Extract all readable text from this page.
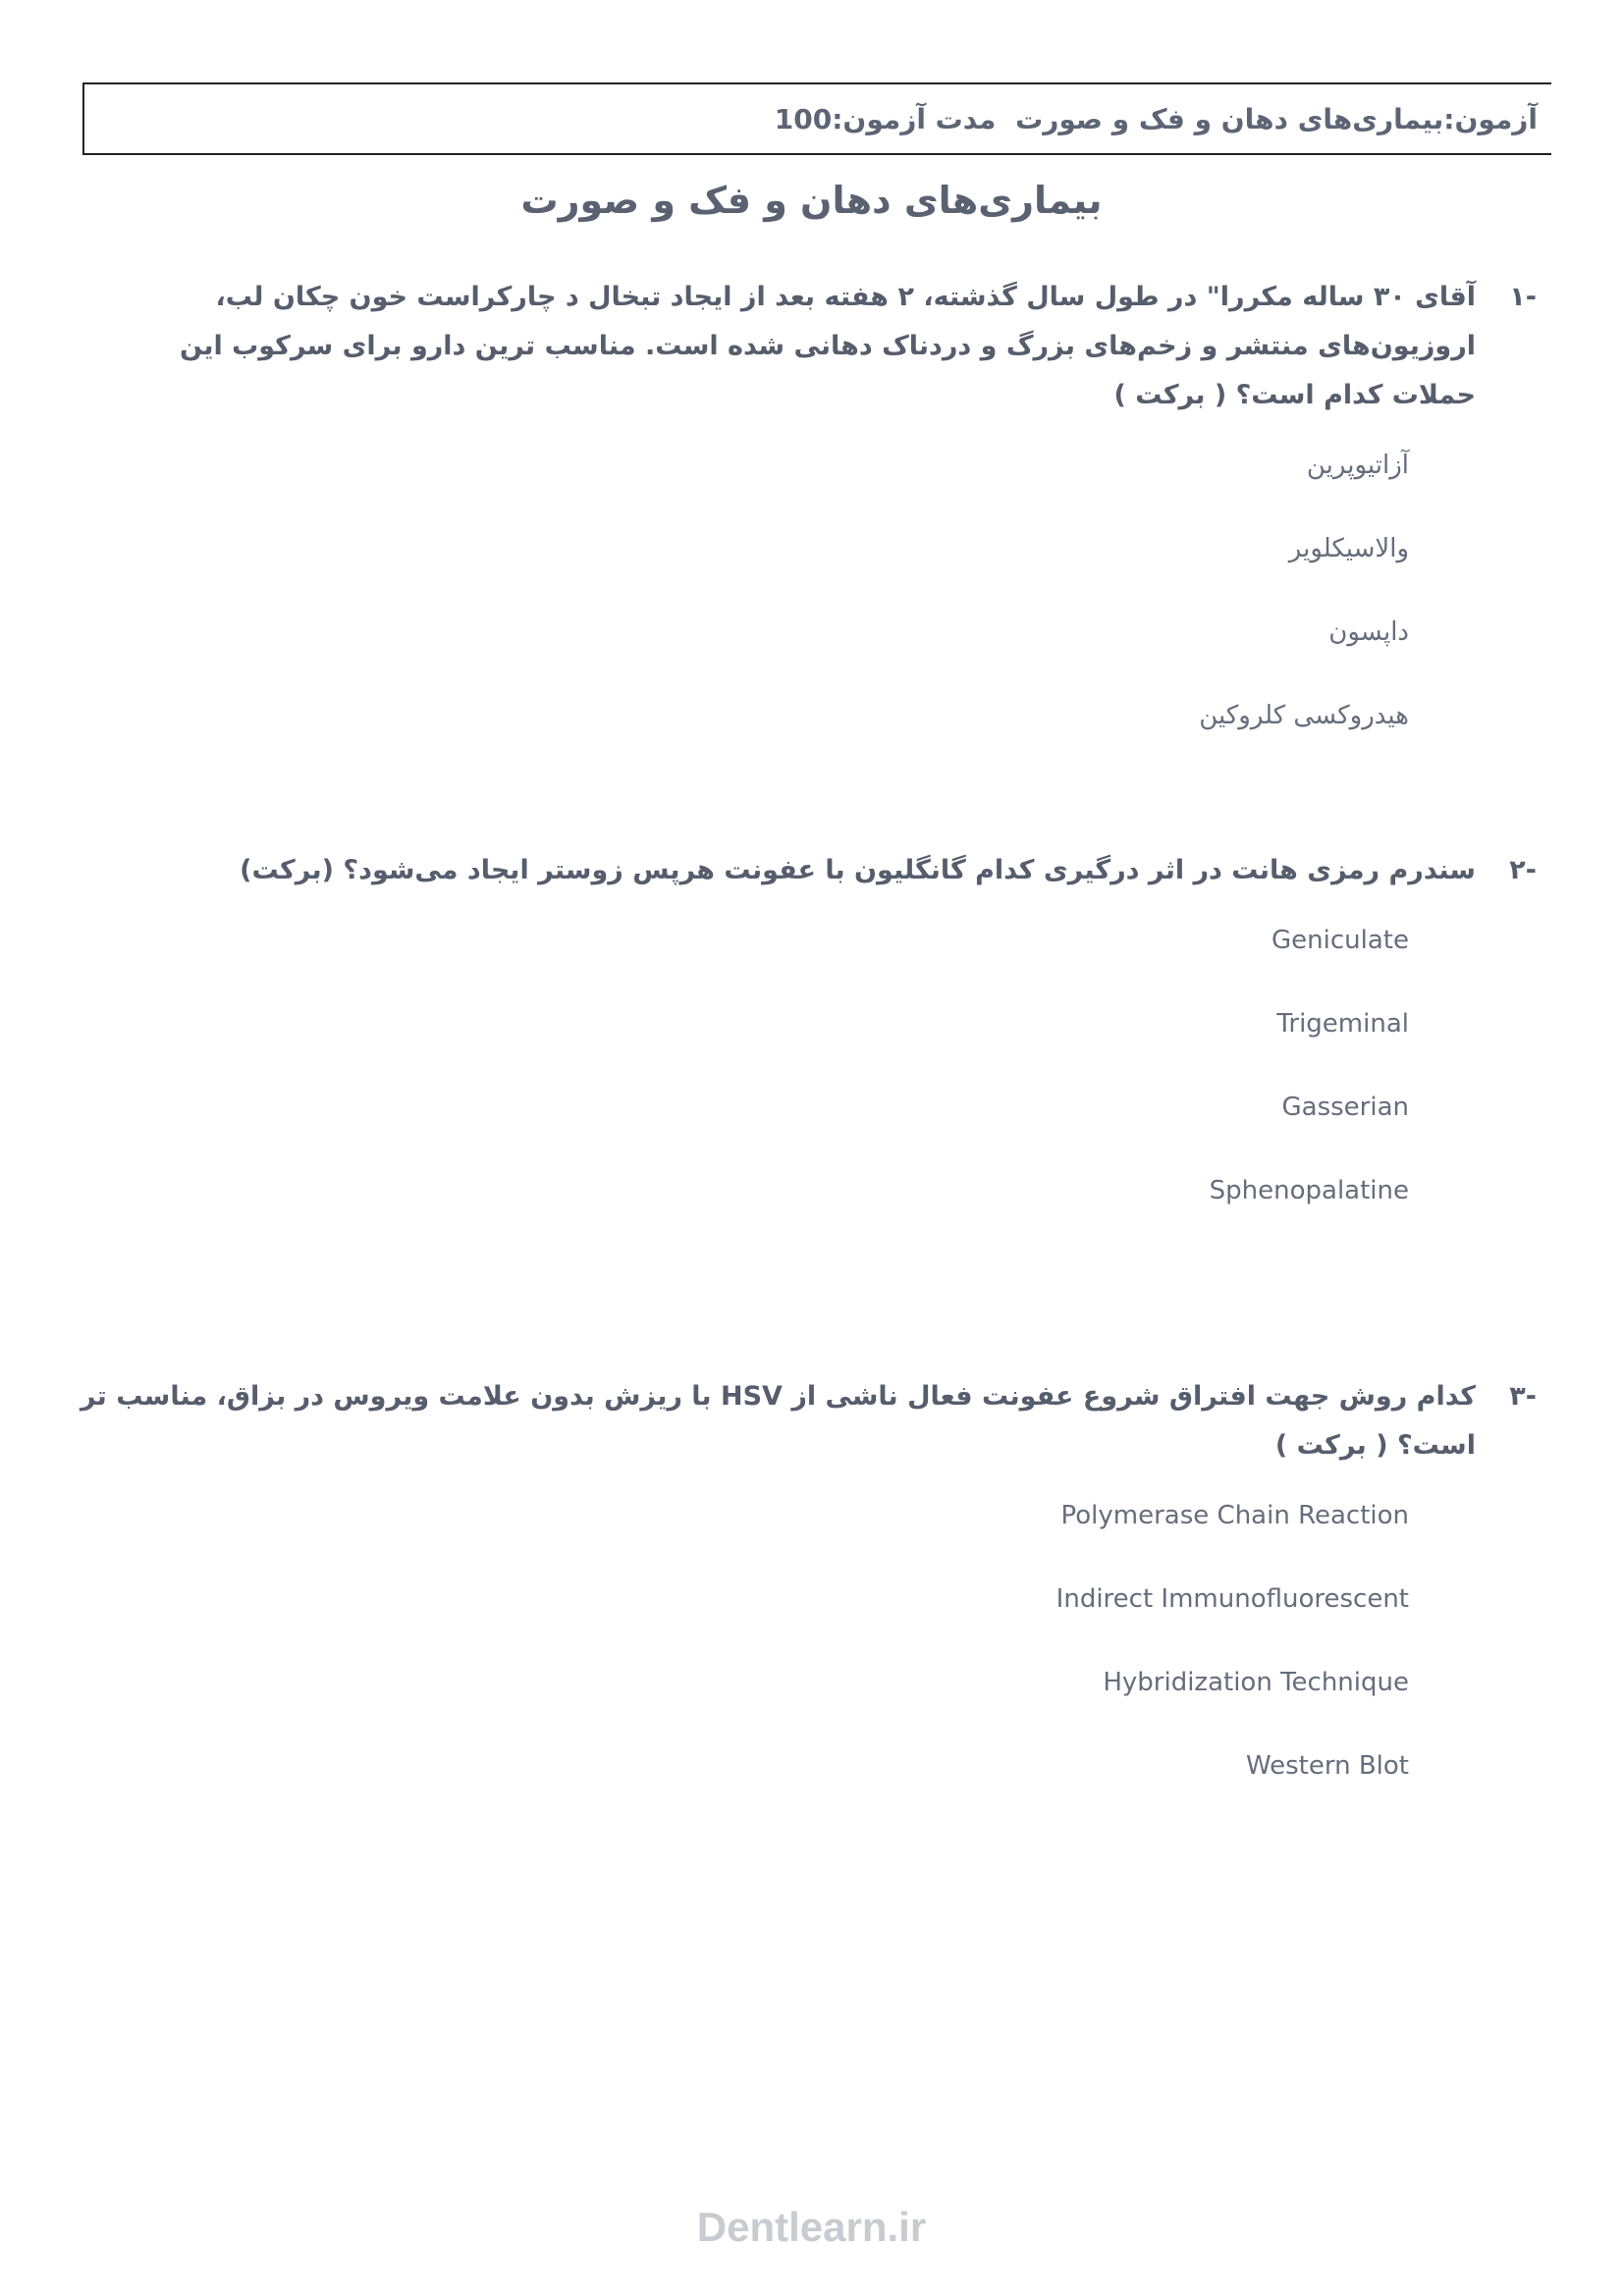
آزمون:بیماری‌های دهان و فک و صورت مدت آزمون:100
بیماری‌های دهان و فک و صورت
-۱
آقای ۳۰ ساله مکررا" در طول سال گذشته، ۲ هفته بعد از ایجاد تبخال د چارکراست خون چکان لب، اروزیون‌های منتشر و زخم‌های بزرگ و دردناک دهانی شده است. مناسب ترین دارو برای سرکوب این حملات کدام است؟ ( برکت )
آزاتیوپرین
والاسیکلویر
داپسون
هیدروکسی کلروکین
-۲
سندرم رمزی هانت در اثر درگیری کدام گانگلیون با عفونت هرپس زوستر ایجاد می‌شود؟ (برکت)
Geniculate
Trigeminal
Gasserian
Sphenopalatine
-۳
کدام روش جهت افتراق شروع عفونت فعال ناشی از HSV با ریزش بدون علامت ویروس در بزاق، مناسب تر است؟ ( برکت )
Polymerase Chain Reaction
Indirect Immunofluorescent
Hybridization Technique
Western Blot
Dentlearn.ir
